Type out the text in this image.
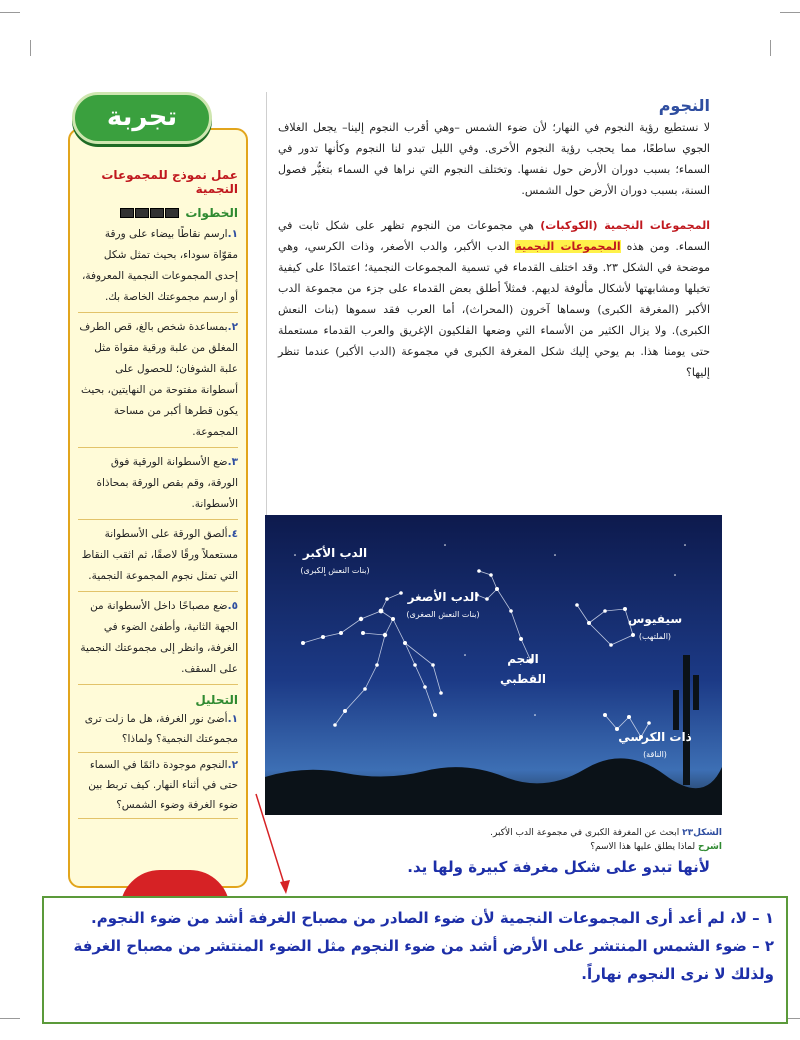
عمل نموذج للمجموعات النجمية
الخطوات
١.ارسم نقاطًا بيضاء على ورقة مقوّاة سوداء، بحيث تمثل شكل إحدى المجموعات النجمية المعروفة، أو ارسم مجموعتك الخاصة بك.
٢.بمساعدة شخص بالغ، قص الطرف المغلق من علبة ورقية مقواة مثل علبة الشوفان؛ للحصول على أسطوانة مفتوحة من النهايتين، بحيث يكون قطرها أكبر من مساحة المجموعة.
٣.ضع الأسطوانة الورقية فوق الورقة، وقم بقص الورقة بمحاذاة الأسطوانة.
٤.ألصق الورقة على الأسطوانة مستعملاً ورقًا لاصقًا، ثم اثقب النقاط التي تمثل نجوم المجموعة النجمية.
٥.ضع مصباحًا داخل الأسطوانة من الجهة الثانية، وأطفئ الضوء في الغرفة، وانظر إلى مجموعتك النجمية على السقف.
التحليل
١.أضئ نور الغرفة، هل ما زلت ترى مجموعتك النجمية؟ ولماذا؟
٢.النجوم موجودة دائمًا في السماء حتى في أثناء النهار. كيف تربط بين ضوء الغرفة وضوء الشمس؟
تجربة	النجوم

لا نستطيع رؤية النجوم في النهار؛ لأن ضوء الشمس –وهي أقرب النجوم إلينا– يجعل الغلاف الجوي ساطعًا، مما يحجب رؤية النجوم الأخرى. وفي الليل تبدو لنا النجوم وكأنها تدور في السماء؛ بسبب دوران الأرض حول نفسها. وتختلف النجوم التي نراها في السماء بتغيُّر فصول السنة، بسبب دوران الأرض حول الشمس.

المجموعات النجمية (الكوكبات) هي مجموعات من النجوم تظهر على شكل ثابت في السماء. ومن هذه المجموعات النجمية الدب الأكبر، والدب الأصغر، وذات الكرسي، وهي موضحة في الشكل ٢٣. وقد اختلف القدماء في تسمية المجموعات النجمية؛ اعتمادًا على كيفية تخيلها ومشابهتها لأشكال مألوفة لديهم. فمثلاً أطلق بعض القدماء على جزء من مجموعة الدب الأكبر (المغرفة الكبرى) وسماها آخرون (المحراث)، أما العرب فقد سموها (بنات النعش الكبرى). ولا يزال الكثير من الأسماء التي وضعها الفلكيون الإغريق والعرب القدماء مستعملة حتى يومنا هذا. بم يوحي إليك شكل المغرفة الكبرى في مجموعة (الدب الأكبر) عندما تنظر إليها؟

الدب الأكبر
(بنات النعش الكبرى)
الدب الأصغر
(بنات النعش الصغرى)
النجم
القطبي
سيفيوس
(الملتهب)
ذات الكرسي
(الناقة)
الشكل٢٣ ابحث عن المغرفة الكبرى في مجموعة الدب الأكبر.
اشرح لماذا يطلق عليها هذا الاسم؟
لأنها تبدو على شكل مغرفة كبيرة ولها يد.
١ – لا، لم أعد أرى المجموعات النجمية لأن ضوء الصادر من مصباح الغرفة أشد من ضوء النجوم.
٢ – ضوء الشمس المنتشر على الأرض أشد من ضوء النجوم مثل الضوء المنتشر من مصباح الغرفة ولذلك لا نرى النجوم نهاراً.
